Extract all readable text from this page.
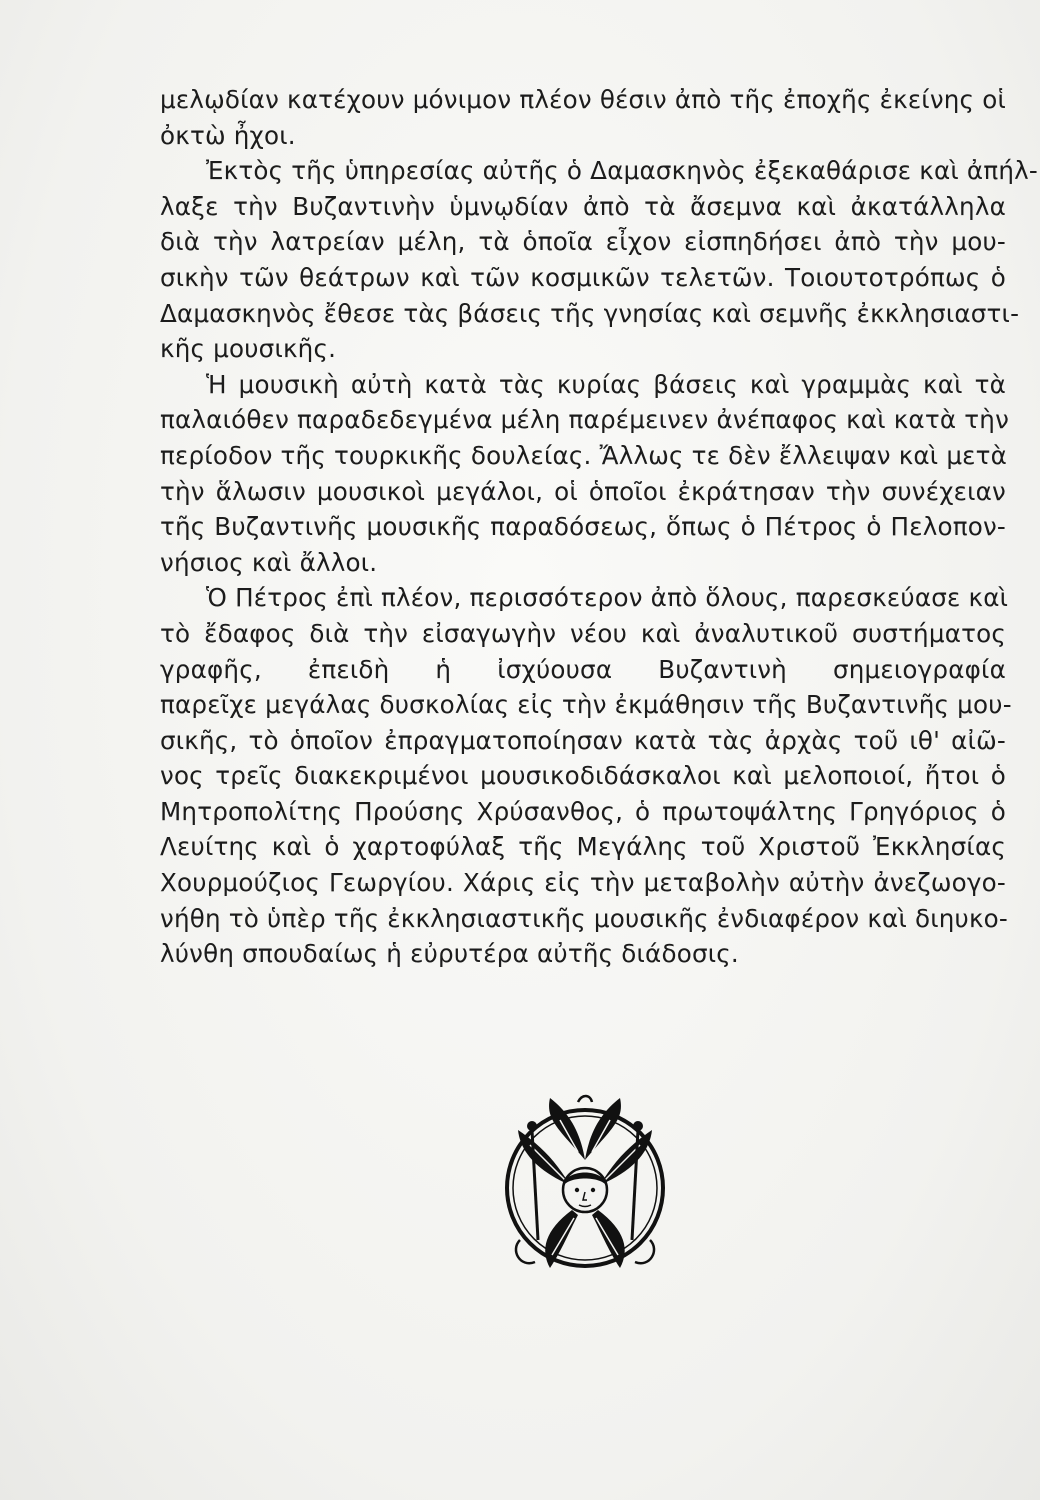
μελῳδίαν κατέχουν μόνιμον πλέον θέσιν ἀπὸ τῆς ἐποχῆς ἐκείνης οἱ
ὀκτὼ ἦχοι.
Ἐκτὸς τῆς ὑπηρεσίας αὐτῆς ὁ Δαμασκηνὸς ἐξεκαθάρισε καὶ ἀπήλ-
λαξε τὴν Βυζαντινὴν ὑμνῳδίαν ἀπὸ τὰ ἄσεμνα καὶ ἀκατάλληλα
διὰ τὴν λατρείαν μέλη, τὰ ὁποῖα εἶχον εἰσπηδήσει ἀπὸ τὴν μου-
σικὴν τῶν θεάτρων καὶ τῶν κοσμικῶν τελετῶν. Τοιουτοτρόπως ὁ
Δαμασκηνὸς ἔθεσε τὰς βάσεις τῆς γνησίας καὶ σεμνῆς ἐκκλησιαστι-
κῆς μουσικῆς.
Ἡ μουσικὴ αὐτὴ κατὰ τὰς κυρίας βάσεις καὶ γραμμὰς καὶ τὰ
παλαιόθεν παραδεδεγμένα μέλη παρέμεινεν ἀνέπαφος καὶ κατὰ τὴν
περίοδον τῆς τουρκικῆς δουλείας. Ἄλλως τε δὲν ἔλλειψαν καὶ μετὰ
τὴν ἅλωσιν μουσικοὶ μεγάλοι, οἱ ὁποῖοι ἐκράτησαν τὴν συνέχειαν
τῆς Βυζαντινῆς μουσικῆς παραδόσεως, ὅπως ὁ Πέτρος ὁ Πελοπον-
νήσιος καὶ ἄλλοι.
Ὁ Πέτρος ἐπὶ πλέον, περισσότερον ἀπὸ ὅλους, παρεσκεύασε καὶ
τὸ ἔδαφος διὰ τὴν εἰσαγωγὴν νέου καὶ ἀναλυτικοῦ συστήματος
γραφῆς, ἐπειδὴ ἡ ἰσχύουσα Βυζαντινὴ σημειογραφία
παρεῖχε μεγάλας δυσκολίας εἰς τὴν ἐκμάθησιν τῆς Βυζαντινῆς μου-
σικῆς, τὸ ὁποῖον ἐπραγματοποίησαν κατὰ τὰς ἀρχὰς τοῦ ιθ' αἰῶ-
νος τρεῖς διακεκριμένοι μουσικοδιδάσκαλοι καὶ μελοποιοί, ἤτοι ὁ
Μητροπολίτης Προύσης Χρύσανθος, ὁ πρωτοψάλτης Γρηγόριος ὁ
Λευίτης καὶ ὁ χαρτοφύλαξ τῆς Μεγάλης τοῦ Χριστοῦ Ἐκκλησίας
Χουρμούζιος Γεωργίου. Χάρις εἰς τὴν μεταβολὴν αὐτὴν ἀνεζωογο-
νήθη τὸ ὑπὲρ τῆς ἐκκλησιαστικῆς μουσικῆς ἐνδιαφέρον καὶ διηυκο-
λύνθη σπουδαίως ἡ εὐρυτέρα αὐτῆς διάδοσις.
